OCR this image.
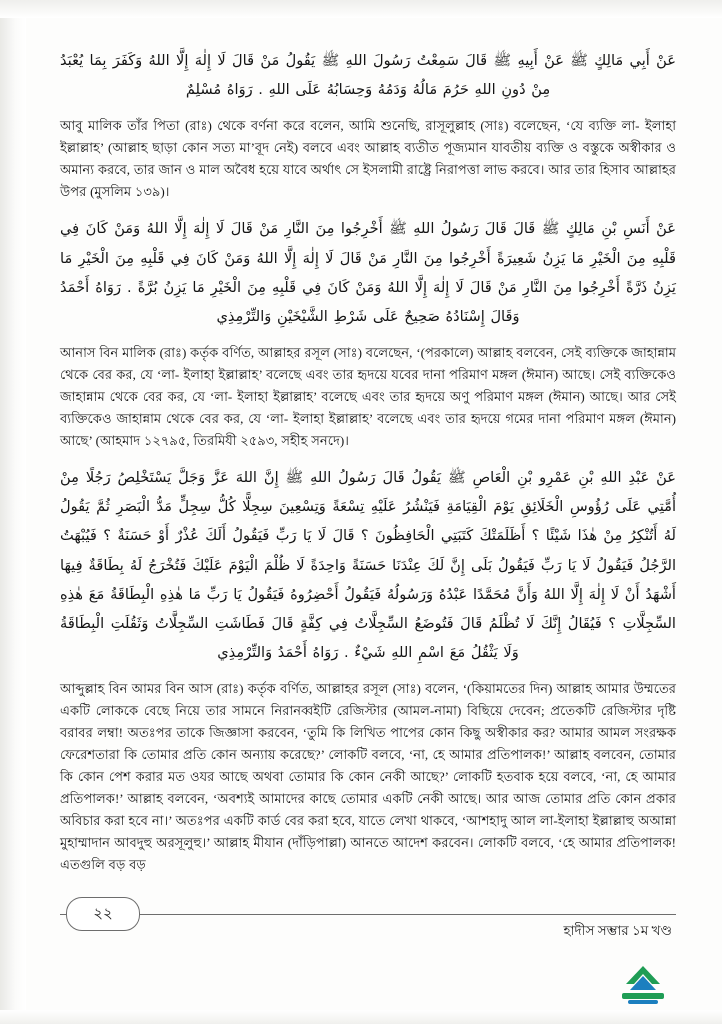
عَنْ أَبِي مَالِكٍ ﷺ عَنْ أَبِيهِ ﷺ قَالَ سَمِعْتُ رَسُولَ اللهِ ﷺ يَقُولُ مَنْ قَالَ لَا إِلٰهَ إِلَّا اللهُ وَكَفَرَ بِمَا يُعْبَدُ مِنْ دُونِ اللهِ حَرُمَ مَالُهُ وَدَمُهُ وَحِسَابُهُ عَلَى اللهِ . رَوَاهُ مُسْلِمٌ
আবু মালিক তাঁর পিতা (রাঃ) থেকে বর্ণনা করে বলেন, আমি শুনেছি, রাসূলুল্লাহ (সাঃ) বলেছেন, ‘যে ব্যক্তি লা- ইলাহা ইল্লাল্লাহ’ (আল্লাহ ছাড়া কোন সত্য মা’বূদ নেই) বলবে এবং আল্লাহ ব্যতীত পূজ্যমান যাবতীয় ব্যক্তি ও বস্তুকে অস্বীকার ও অমান্য করবে, তার জান ও মাল অবৈধ হয়ে যাবে অর্থাৎ সে ইসলামী রাষ্ট্রে নিরাপত্তা লাভ করবে। আর তার হিসাব আল্লাহর উপর (মুসলিম ১৩৯)।
عَنْ أَنَسِ بْنِ مَالِكٍ ﷺ قَالَ قَالَ رَسُولُ اللهِ ﷺ أَخْرِجُوا مِنَ النَّارِ مَنْ قَالَ لَا إِلٰهَ إِلَّا اللهُ وَمَنْ كَانَ فِي قَلْبِهِ مِنَ الْخَيْرِ مَا يَزِنُ شَعِيرَةً أَخْرِجُوا مِنَ النَّارِ مَنْ قَالَ لَا إِلٰهَ إِلَّا اللهُ وَمَنْ كَانَ فِي قَلْبِهِ مِنَ الْخَيْرِ مَا يَزِنُ ذَرَّةً أَخْرِجُوا مِنَ النَّارِ مَنْ قَالَ لَا إِلٰهَ إِلَّا اللهُ وَمَنْ كَانَ فِي قَلْبِهِ مِنَ الْخَيْرِ مَا يَزِنُ بُرَّةً . رَوَاهُ أَحْمَدُ وَقَالَ إِسْنَادُهُ صَحِيحٌ عَلَى شَرْطِ الشَّيْخَيْنِ وَالتِّرْمِذِي
আনাস বিন মালিক (রাঃ) কর্তৃক বর্ণিত, আল্লাহর রসূল (সাঃ) বলেছেন, ‘(পরকালে) আল্লাহ বলবেন, সেই ব্যক্তিকে জাহান্নাম থেকে বের কর, যে ‘লা- ইলাহা ইল্লাল্লাহ’ বলেছে এবং তার হৃদয়ে যবের দানা পরিমাণ মঙ্গল (ঈমান) আছে। সেই ব্যক্তিকেও জাহান্নাম থেকে বের কর, যে ‘লা- ইলাহা ইল্লাল্লাহ’ বলেছে এবং তার হৃদয়ে অণু পরিমাণ মঙ্গল (ঈমান) আছে। আর সেই ব্যক্তিকেও জাহান্নাম থেকে বের কর, যে ‘লা- ইলাহা ইল্লাল্লাহ’ বলেছে এবং তার হৃদয়ে গমের দানা পরিমাণ মঙ্গল (ঈমান) আছে’ (আহমাদ ১২৭৯৫, তিরমিযী ২৫৯৩, সহীহ সনদে)।
عَنْ عَبْدِ اللهِ بْنِ عَمْرِو بْنِ الْعَاصِ ﷺ يَقُولُ قَالَ رَسُولُ اللهِ ﷺ إِنَّ اللهَ عَزَّ وَجَلَّ يَسْتَخْلِصُ رَجُلًا مِنْ أُمَّتِي عَلَى رُؤُوسِ الْخَلَائِقِ يَوْمَ الْقِيَامَةِ فَيَنْشُرُ عَلَيْهِ تِسْعَةً وَتِسْعِينَ سِجِلًّا كُلُّ سِجِلٍّ مَدُّ الْبَصَرِ ثُمَّ يَقُولُ لَهُ أَتُنْكِرُ مِنْ هٰذَا شَيْئًا ؟ أَظَلَمَتْكَ كَتَبَتِي الْحَافِظُونَ ؟ قَالَ لَا يَا رَبِّ فَيَقُولُ أَلَكَ عُذْرٌ أَوْ حَسَنَةٌ ؟ فَيُبْهَتُ الرَّجُلُ فَيَقُولُ لَا يَا رَبِّ فَيَقُولُ بَلَى إِنَّ لَكَ عِنْدَنَا حَسَنَةً وَاحِدَةً لَا ظُلْمَ الْيَوْمَ عَلَيْكَ فَتُخْرَجُ لَهُ بِطَاقَةٌ فِيهَا أَشْهَدُ أَنْ لَا إِلٰهَ إِلَّا اللهُ وَأَنَّ مُحَمَّدًا عَبْدُهُ وَرَسُولُهُ فَيَقُولُ أَحْضِرُوهُ فَيَقُولُ يَا رَبِّ مَا هٰذِهِ الْبِطَاقَةُ مَعَ هٰذِهِ السِّجِلَّاتِ ؟ فَيُقَالُ إِنَّكَ لَا تُظْلَمُ قَالَ فَتُوضَعُ السِّجِلَّاتُ فِي كِفَّةٍ قَالَ فَطَاشَتِ السِّجِلَّاتُ وَثَقُلَتِ الْبِطَاقَةُ وَلَا يَثْقُلُ مَعَ اسْمِ اللهِ شَيْءٌ . رَوَاهُ أَحْمَدُ وَالتِّرْمِذِي
আব্দুল্লাহ বিন আমর বিন আস (রাঃ) কর্তৃক বর্ণিত, আল্লাহর রসূল (সাঃ) বলেন, ‘(কিয়ামতের দিন) আল্লাহ আমার উম্মতের একটি লোককে বেছে নিয়ে তার সামনে নিরানব্বইটি রেজিস্টার (আমল-নামা) বিছিয়ে দেবেন; প্রতেকটি রেজিস্টার দৃষ্টি বরাবর লম্বা! অতঃপর তাকে জিজ্ঞাসা করবেন, ‘তুমি কি লিখিত পাপের কোন কিছু অস্বীকার কর? আমার আমল সংরক্ষক ফেরেশতারা কি তোমার প্রতি কোন অন্যায় করেছে?’ লোকটি বলবে, ‘না, হে আমার প্রতিপালক!’ আল্লাহ বলবেন, তোমার কি কোন পেশ করার মত ওযর আছে অথবা তোমার কি কোন নেকী আছে?’ লোকটি হতবাক হয়ে বলবে, ‘না, হে আমার প্রতিপালক!’ আল্লাহ বলবেন, ‘অবশ্যই আমাদের কাছে তোমার একটি নেকী আছে। আর আজ তোমার প্রতি কোন প্রকার অবিচার করা হবে না।’ অতঃপর একটি কার্ড বের করা হবে, যাতে লেখা থাকবে, ‘আশহাদু আল লা-ইলাহা ইল্লাল্লাহু অআন্না মুহাম্মাদান আবদুহু অরসূলুহু।’ আল্লাহ মীযান (দাঁড়িপাল্লা) আনতে আদেশ করবেন। লোকটি বলবে, ‘হে আমার প্রতিপালক! এতগুলি বড় বড়
২২
হাদীস সম্ভার ১ম খণ্ড
